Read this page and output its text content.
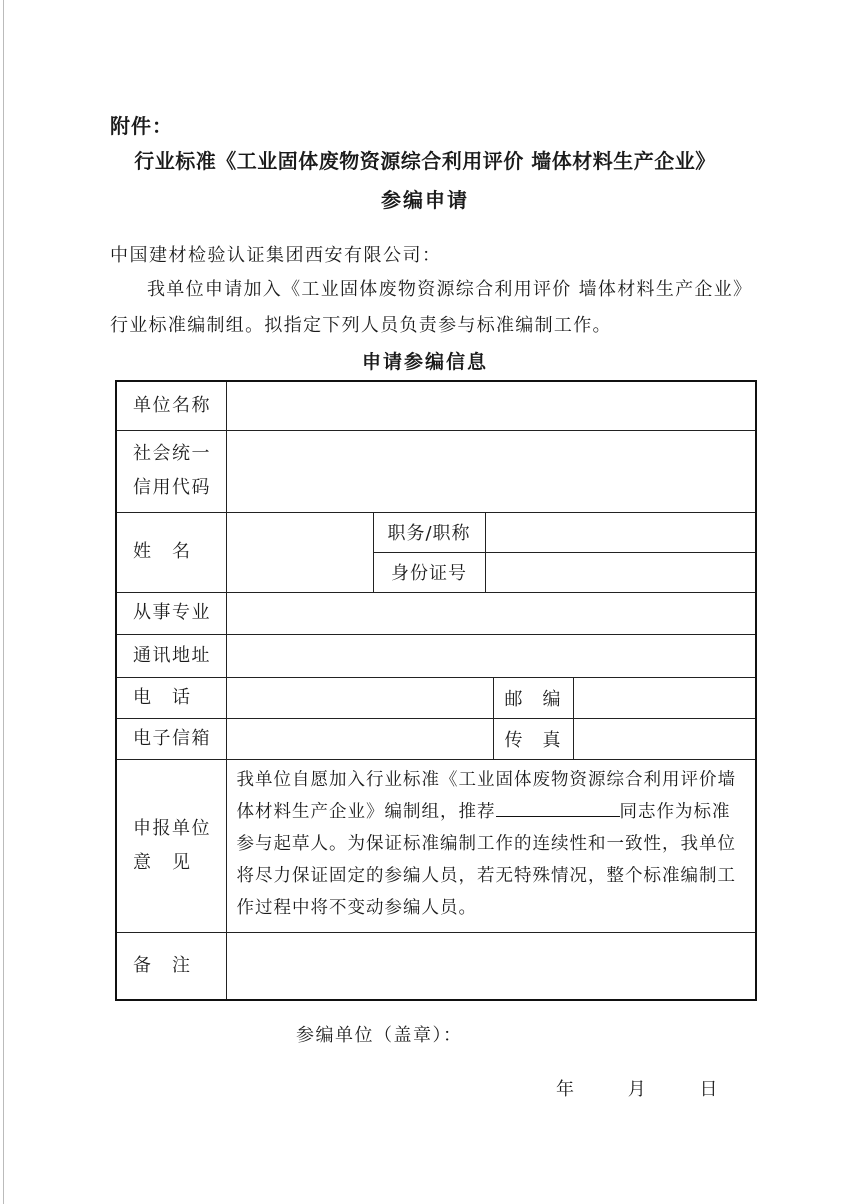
附件：
行业标准《工业固体废物资源综合利用评价 墙体材料生产企业》
参编申请
中国建材检验认证集团西安有限公司：
我单位申请加入《工业固体废物资源综合利用评价 墙体材料生产企业》行业标准编制组。拟指定下列人员负责参与标准编制工作。
申请参编信息
单位名称					

社会统一
信用代码					

姓　名		职务/职称			
		身份证号			
从事专业					
通讯地址					
电　话				邮　编	
电子信箱				传　真	

申报单位
意　见	我单位自愿加入行业标准《工业固体废物资源综合利用评价墙体材料生产企业》编制组，推荐 同志作为标准参与起草人。为保证标准编制工作的连续性和一致性，我单位将尽力保证固定的参编人员，若无特殊情况，整个标准编制工作过程中将不变动参编人员。				
备　注					
参编单位（盖章）：
年	月	日
